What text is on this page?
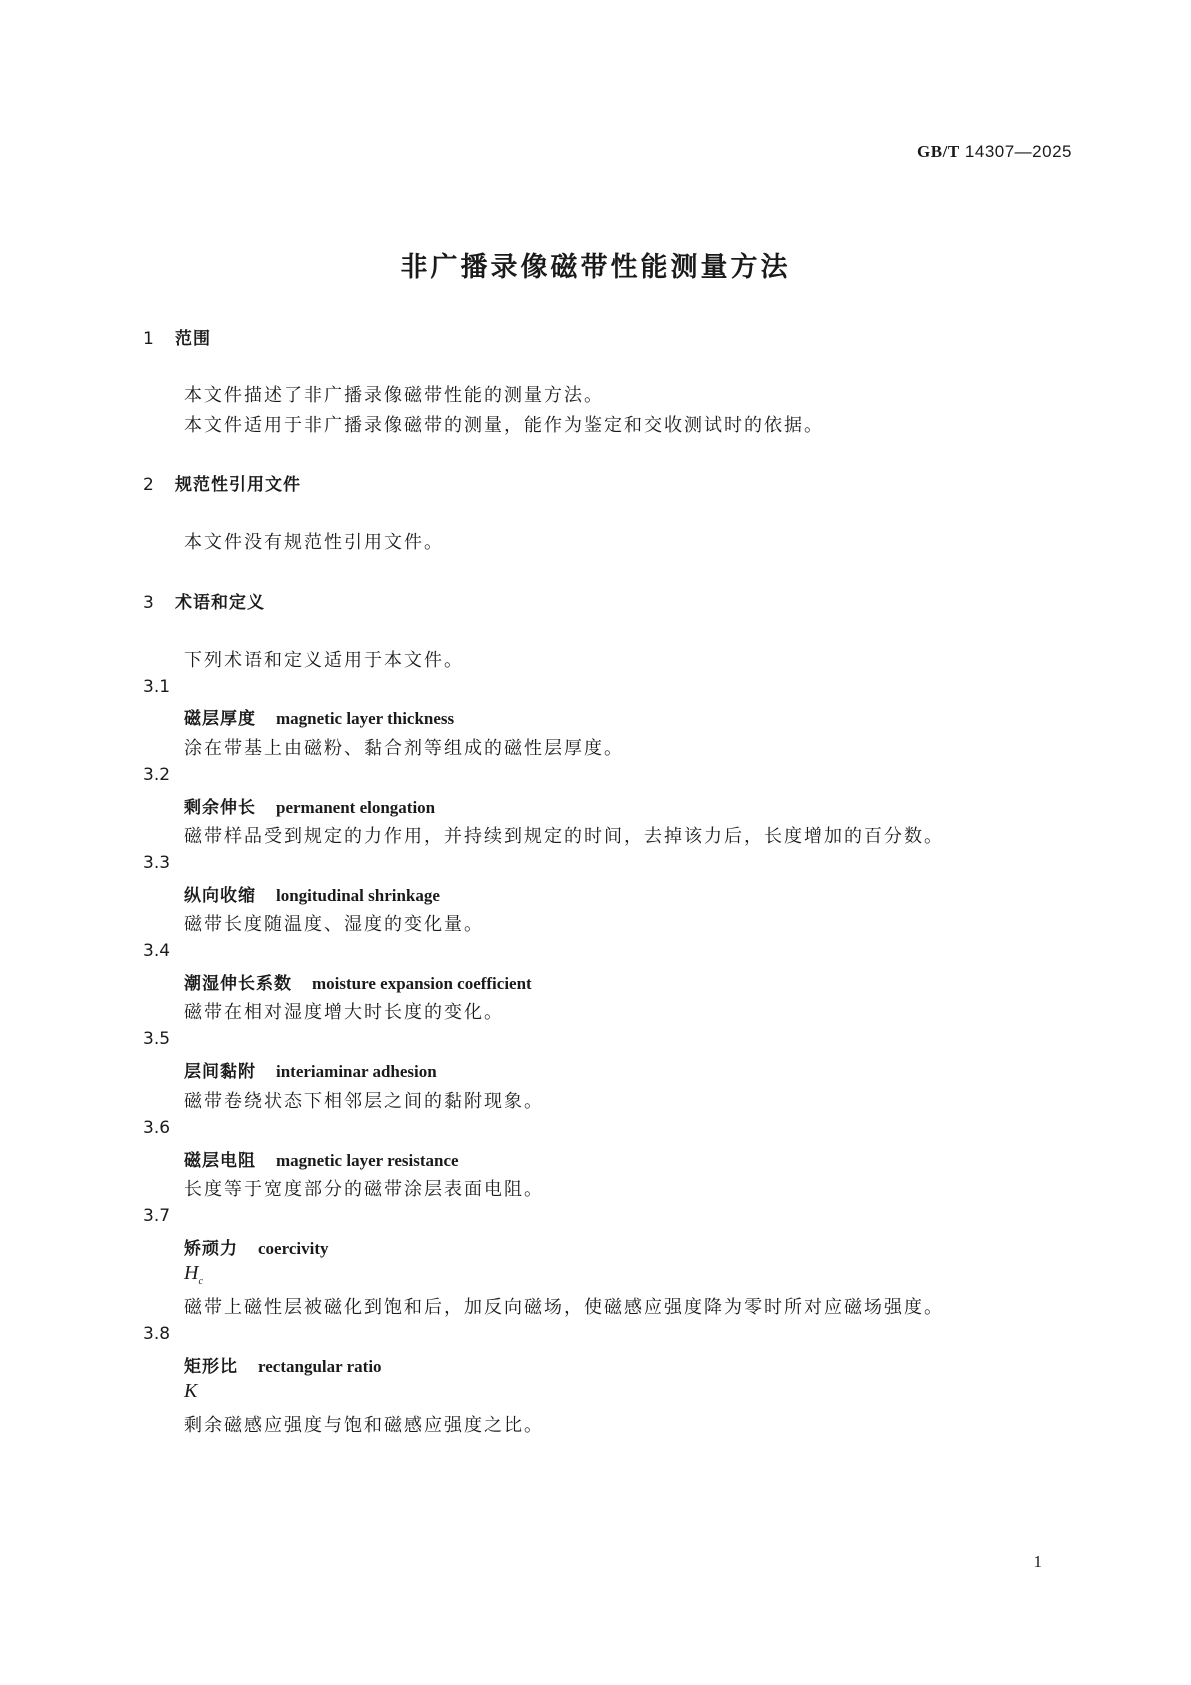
GB/T 14307—2025
非广播录像磁带性能测量方法
1 范围
本文件描述了非广播录像磁带性能的测量方法。
本文件适用于非广播录像磁带的测量，能作为鉴定和交收测试时的依据。
2 规范性引用文件
本文件没有规范性引用文件。
3 术语和定义
下列术语和定义适用于本文件。
3.1
磁层厚度 magnetic layer thickness
涂在带基上由磁粉、黏合剂等组成的磁性层厚度。
3.2
剩余伸长 permanent elongation
磁带样品受到规定的力作用，并持续到规定的时间，去掉该力后，长度增加的百分数。
3.3
纵向收缩 longitudinal shrinkage
磁带长度随温度、湿度的变化量。
3.4
潮湿伸长系数 moisture expansion coefficient
磁带在相对湿度增大时长度的变化。
3.5
层间黏附 interiaminar adhesion
磁带卷绕状态下相邻层之间的黏附现象。
3.6
磁层电阻 magnetic layer resistance
长度等于宽度部分的磁带涂层表面电阻。
3.7
矫顽力 coercivity
$H_c$
磁带上磁性层被磁化到饱和后，加反向磁场，使磁感应强度降为零时所对应磁场强度。
3.8
矩形比 rectangular ratio
K
剩余磁感应强度与饱和磁感应强度之比。
1
